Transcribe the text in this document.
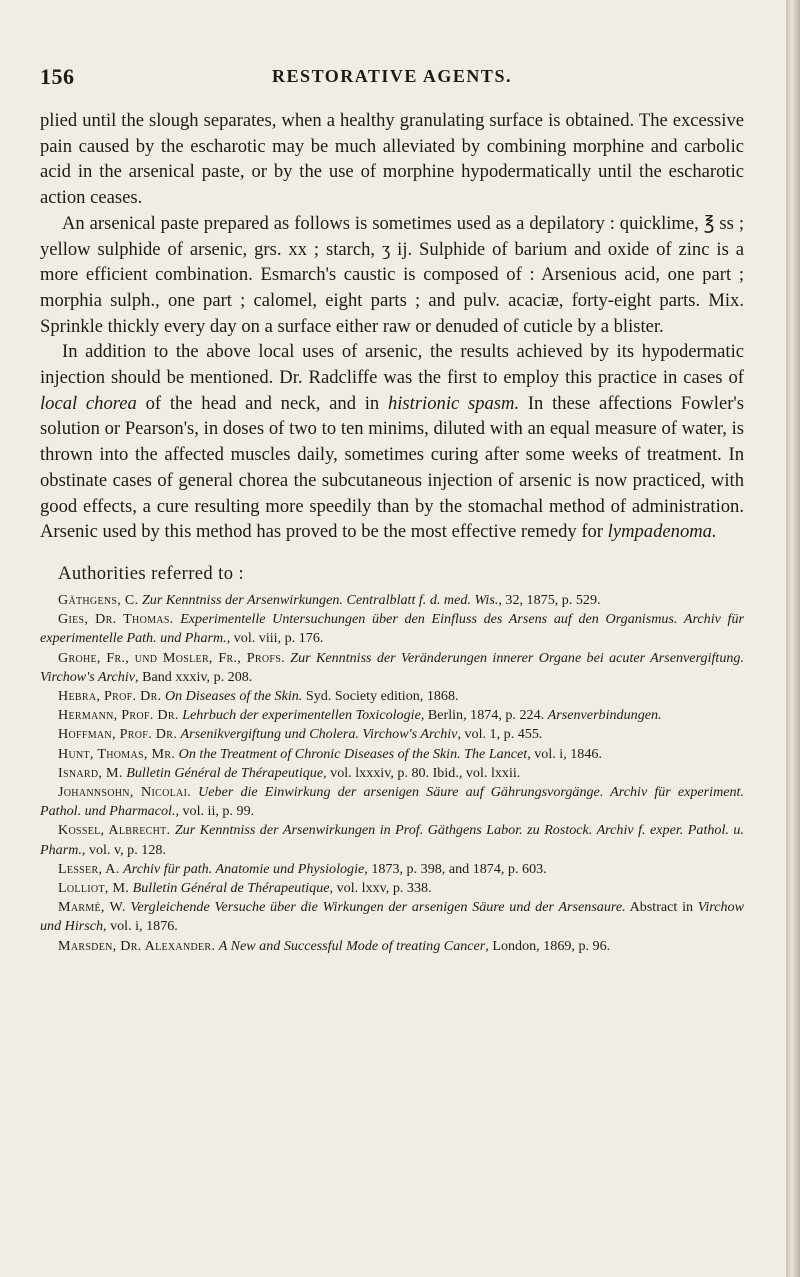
156	RESTORATIVE AGENTS.

plied until the slough separates, when a healthy granulating surface is obtained. The excessive pain caused by the escharotic may be much alleviated by combining morphine and carbolic acid in the arsenical paste, or by the use of morphine hypodermatically until the escharotic action ceases.

An arsenical paste prepared as follows is sometimes used as a depilatory : quicklime, ℥ ss ; yellow sulphide of arsenic, grs. xx ; starch, ʒ ij. Sulphide of barium and oxide of zinc is a more efficient combination. Esmarch's caustic is composed of : Arsenious acid, one part ; morphia sulph., one part ; calomel, eight parts ; and pulv. acaciæ, forty-eight parts. Mix. Sprinkle thickly every day on a surface either raw or denuded of cuticle by a blister.

In addition to the above local uses of arsenic, the results achieved by its hypodermatic injection should be mentioned. Dr. Radcliffe was the first to employ this practice in cases of local chorea of the head and neck, and in histrionic spasm. In these affections Fowler's solution or Pearson's, in doses of two to ten minims, diluted with an equal measure of water, is thrown into the affected muscles daily, sometimes curing after some weeks of treatment. In obstinate cases of general chorea the subcutaneous injection of arsenic is now practiced, with good effects, a cure resulting more speedily than by the stomachal method of administration. Arsenic used by this method has proved to be the most effective remedy for lympadenoma.

Authorities referred to :

Gäthgens, C. Zur Kenntniss der Arsenwirkungen. Centralblatt f. d. med. Wis., 32, 1875, p. 529.

Gies, Dr. Thomas. Experimentelle Untersuchungen über den Einfluss des Arsens auf den Organismus. Archiv für experimentelle Path. und Pharm., vol. viii, p. 176.

Grohe, Fr., und Mosler, Fr., Profs. Zur Kenntniss der Veränderungen innerer Organe bei acuter Arsenvergiftung. Virchow's Archiv, Band xxxiv, p. 208.

Hebra, Prof. Dr. On Diseases of the Skin. Syd. Society edition, 1868.

Hermann, Prof. Dr. Lehrbuch der experimentellen Toxicologie, Berlin, 1874, p. 224. Arsenverbindungen.

Hoffman, Prof. Dr. Arsenikvergiftung und Cholera. Virchow's Archiv, vol. 1, p. 455.

Hunt, Thomas, Mr. On the Treatment of Chronic Diseases of the Skin. The Lancet, vol. i, 1846.

Isnard, M. Bulletin Général de Thérapeutique, vol. lxxxiv, p. 80. Ibid., vol. lxxii.

Johannsohn, Nicolai. Ueber die Einwirkung der arsenigen Säure auf Gährungsvorgänge. Archiv für experiment. Pathol. und Pharmacol., vol. ii, p. 99.

Kossel, Albrecht. Zur Kenntniss der Arsenwirkungen in Prof. Gäthgens Labor. zu Rostock. Archiv f. exper. Pathol. u. Pharm., vol. v, p. 128.

Lesser, A. Archiv für path. Anatomie und Physiologie, 1873, p. 398, and 1874, p. 603.

Lolliot, M. Bulletin Général de Thérapeutique, vol. lxxv, p. 338.

Marmé, W. Vergleichende Versuche über die Wirkungen der arsenigen Säure und der Arsensaure. Abstract in Virchow und Hirsch, vol. i, 1876.

Marsden, Dr. Alexander. A New and Successful Mode of treating Cancer, London, 1869, p. 96.
